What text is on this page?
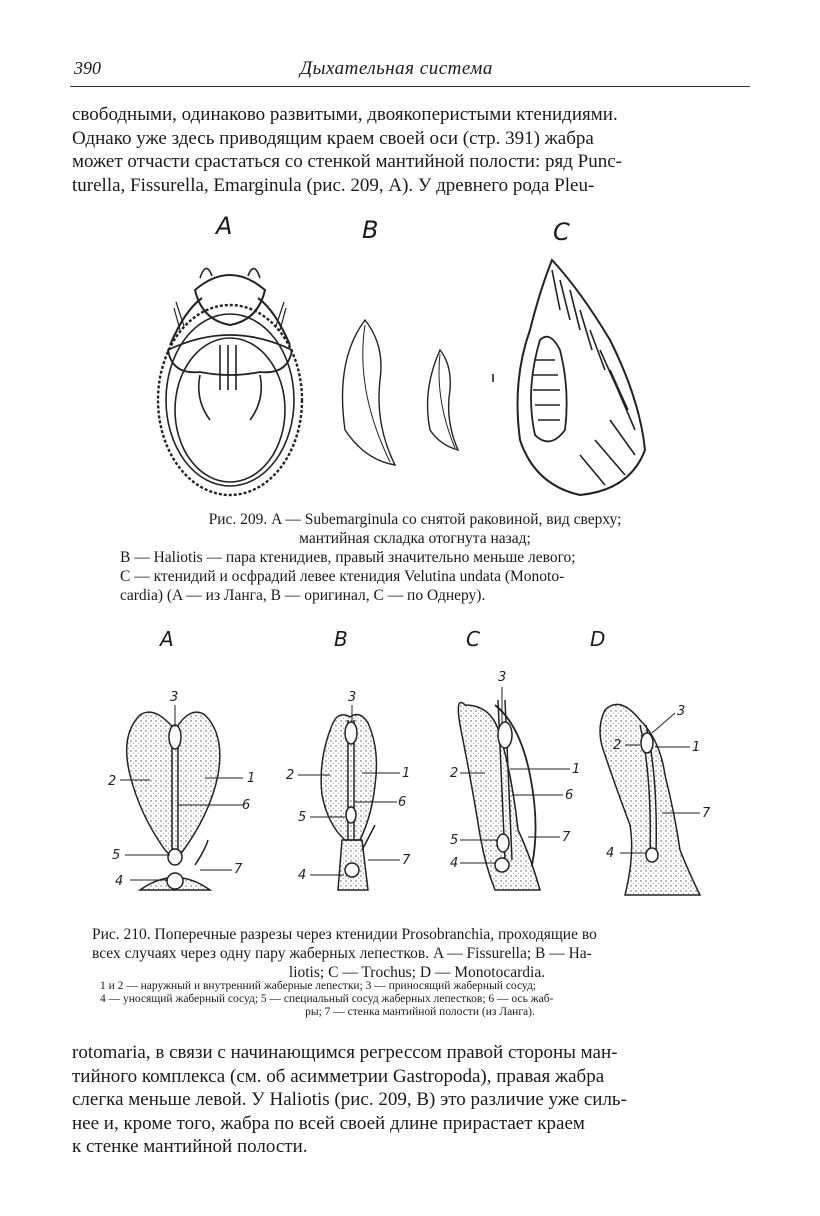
390	Дыхательная система
свободными, одинаково развитыми, двоякоперистыми ктенидиями.
Однако уже здесь приводящим краем своей оси (стр. 391) жабра
может отчасти срастаться со стенкой мантийной полости: ряд Punc-
turella, Fissurella, Emarginula (рис. 209, A). У древнего рода Pleu-
A	B	C
Рис. 209. A — Subemarginula со снятой раковиной, вид сверху;
мантийная складка отогнута назад;
B — Haliotis — пара ктенидиев, правый значительно меньше левого;
C — ктенидий и осфрадий левее ктенидия Velutina undata (Monoto-
cardia) (A — из Ланга, B — оригинал, C — по Однеру).
A	B	C	D
3
2	1
6
5
4
7
3
2	1
6
5
4
7
3
2	1
6
5
4
7
3
2	1
7
4
Рис. 210. Поперечные разрезы через ктенидии Prosobranchia, проходящие во
всех случаях через одну пару жаберных лепестков. A — Fissurella; B — Ha-
liotis; C — Trochus; D — Monotocardia.
1 и 2 — наружный и внутренний жаберные лепестки; 3 — приносящий жаберный сосуд;
4 — уносящий жаберный сосуд; 5 — специальный сосуд жаберных лепестков; 6 — ось жаб-
ры; 7 — стенка мантийной полости (из Ланга).
rotomaria, в связи с начинающимся регрессом правой стороны ман-
тийного комплекса (см. об асимметрии Gastropoda), правая жабра
слегка меньше левой. У Haliotis (рис. 209, B) это различие уже силь-
нее и, кроме того, жабра по всей своей длине прирастает краем
к стенке мантийной полости.
